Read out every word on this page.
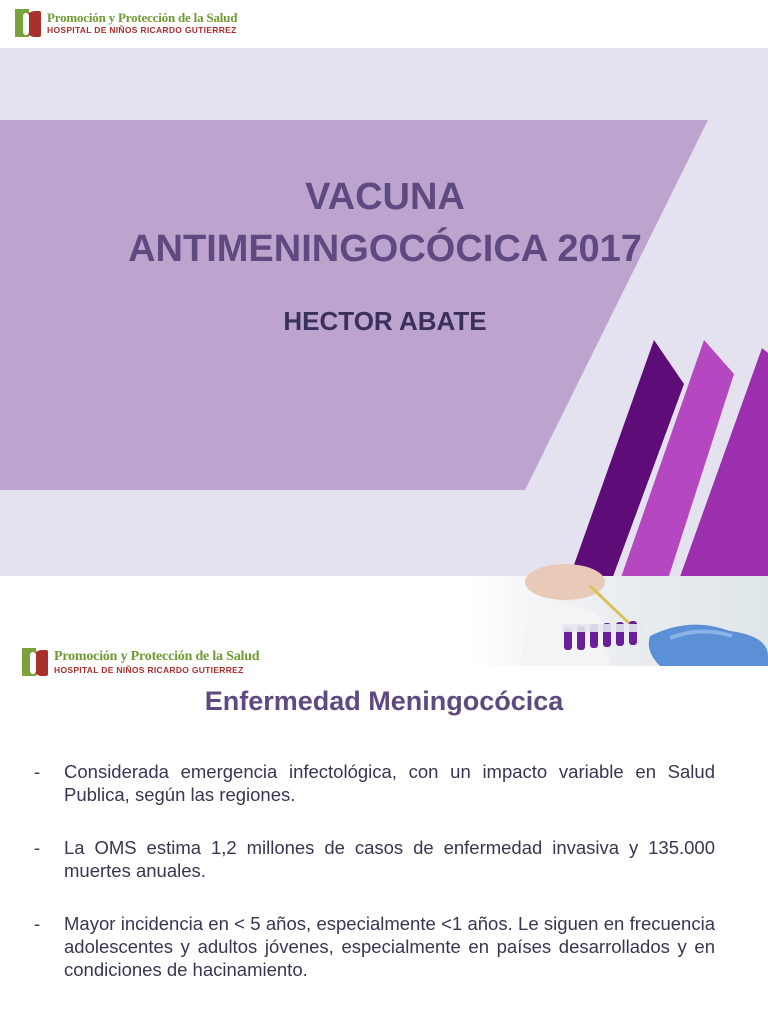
Promoción y Protección de la Salud
HOSPITAL DE NIÑOS RICARDO GUTIERREZ
VACUNA
ANTIMENINGOCÓCICA 2017
HECTOR ABATE
Promoción y Protección de la Salud
HOSPITAL DE NIÑOS RICARDO GUTIERREZ
Enfermedad Meningocócica
- Considerada emergencia infectológica, con un impacto variable en Salud Publica, según las regiones.
- La OMS estima 1,2 millones de casos de enfermedad invasiva y 135.000 muertes anuales.
- Mayor incidencia en < 5 años, especialmente <1 años. Le siguen en frecuencia adolescentes y adultos jóvenes, especialmente en países desarrollados y en condiciones de hacinamiento.
